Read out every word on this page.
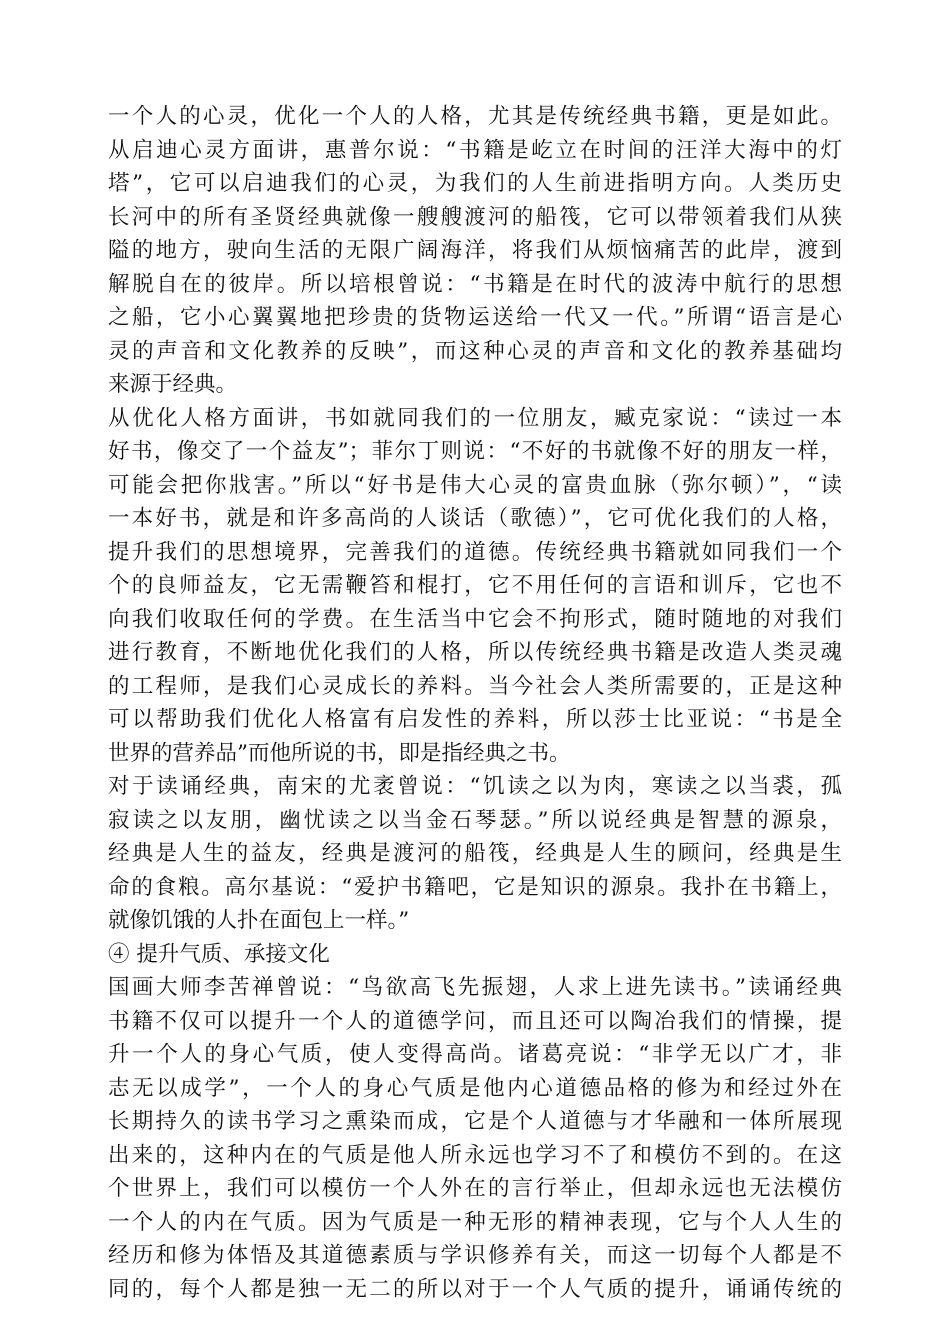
一个人的心灵，优化一个人的人格，尤其是传统经典书籍，更是如此。
从启迪心灵方面讲，惠普尔说：“书籍是屹立在时间的汪洋大海中的灯
塔”，它可以启迪我们的心灵，为我们的人生前进指明方向。人类历史
长河中的所有圣贤经典就像一艘艘渡河的船筏，它可以带领着我们从狭
隘的地方，驶向生活的无限广阔海洋，将我们从烦恼痛苦的此岸，渡到
解脱自在的彼岸。所以培根曾说：“书籍是在时代的波涛中航行的思想
之船，它小心翼翼地把珍贵的货物运送给一代又一代。”所谓“语言是心
灵的声音和文化教养的反映”，而这种心灵的声音和文化的教养基础均
来源于经典。
从优化人格方面讲，书如就同我们的一位朋友，臧克家说：“读过一本
好书，像交了一个益友”；菲尔丁则说：“不好的书就像不好的朋友一样，
可能会把你戕害。”所以“好书是伟大心灵的富贵血脉（弥尔顿）”，“读
一本好书，就是和许多高尚的人谈话（歌德）”，它可优化我们的人格，
提升我们的思想境界，完善我们的道德。传统经典书籍就如同我们一个
个的良师益友，它无需鞭笞和棍打，它不用任何的言语和训斥，它也不
向我们收取任何的学费。在生活当中它会不拘形式，随时随地的对我们
进行教育，不断地优化我们的人格，所以传统经典书籍是改造人类灵魂
的工程师，是我们心灵成长的养料。当今社会人类所需要的，正是这种
可以帮助我们优化人格富有启发性的养料，所以莎士比亚说：“书是全
世界的营养品”而他所说的书，即是指经典之书。
对于读诵经典，南宋的尤袤曾说：“饥读之以为肉，寒读之以当裘，孤
寂读之以友朋，幽忧读之以当金石琴瑟。”所以说经典是智慧的源泉，
经典是人生的益友，经典是渡河的船筏，经典是人生的顾问，经典是生
命的食粮。高尔基说：“爱护书籍吧，它是知识的源泉。我扑在书籍上，
就像饥饿的人扑在面包上一样。”
④ 提升气质、承接文化
国画大师李苦禅曾说：“鸟欲高飞先振翅，人求上进先读书。”读诵经典
书籍不仅可以提升一个人的道德学问，而且还可以陶冶我们的情操，提
升一个人的身心气质，使人变得高尚。诸葛亮说：“非学无以广才，非
志无以成学”，一个人的身心气质是他内心道德品格的修为和经过外在
长期持久的读书学习之熏染而成，它是个人道德与才华融和一体所展现
出来的，这种内在的气质是他人所永远也学习不了和模仿不到的。在这
个世界上，我们可以模仿一个人外在的言行举止，但却永远也无法模仿
一个人的内在气质。因为气质是一种无形的精神表现，它与个人人生的
经历和修为体悟及其道德素质与学识修养有关，而这一切每个人都是不
同的，每个人都是独一无二的所以对于一个人气质的提升，诵诵传统的
